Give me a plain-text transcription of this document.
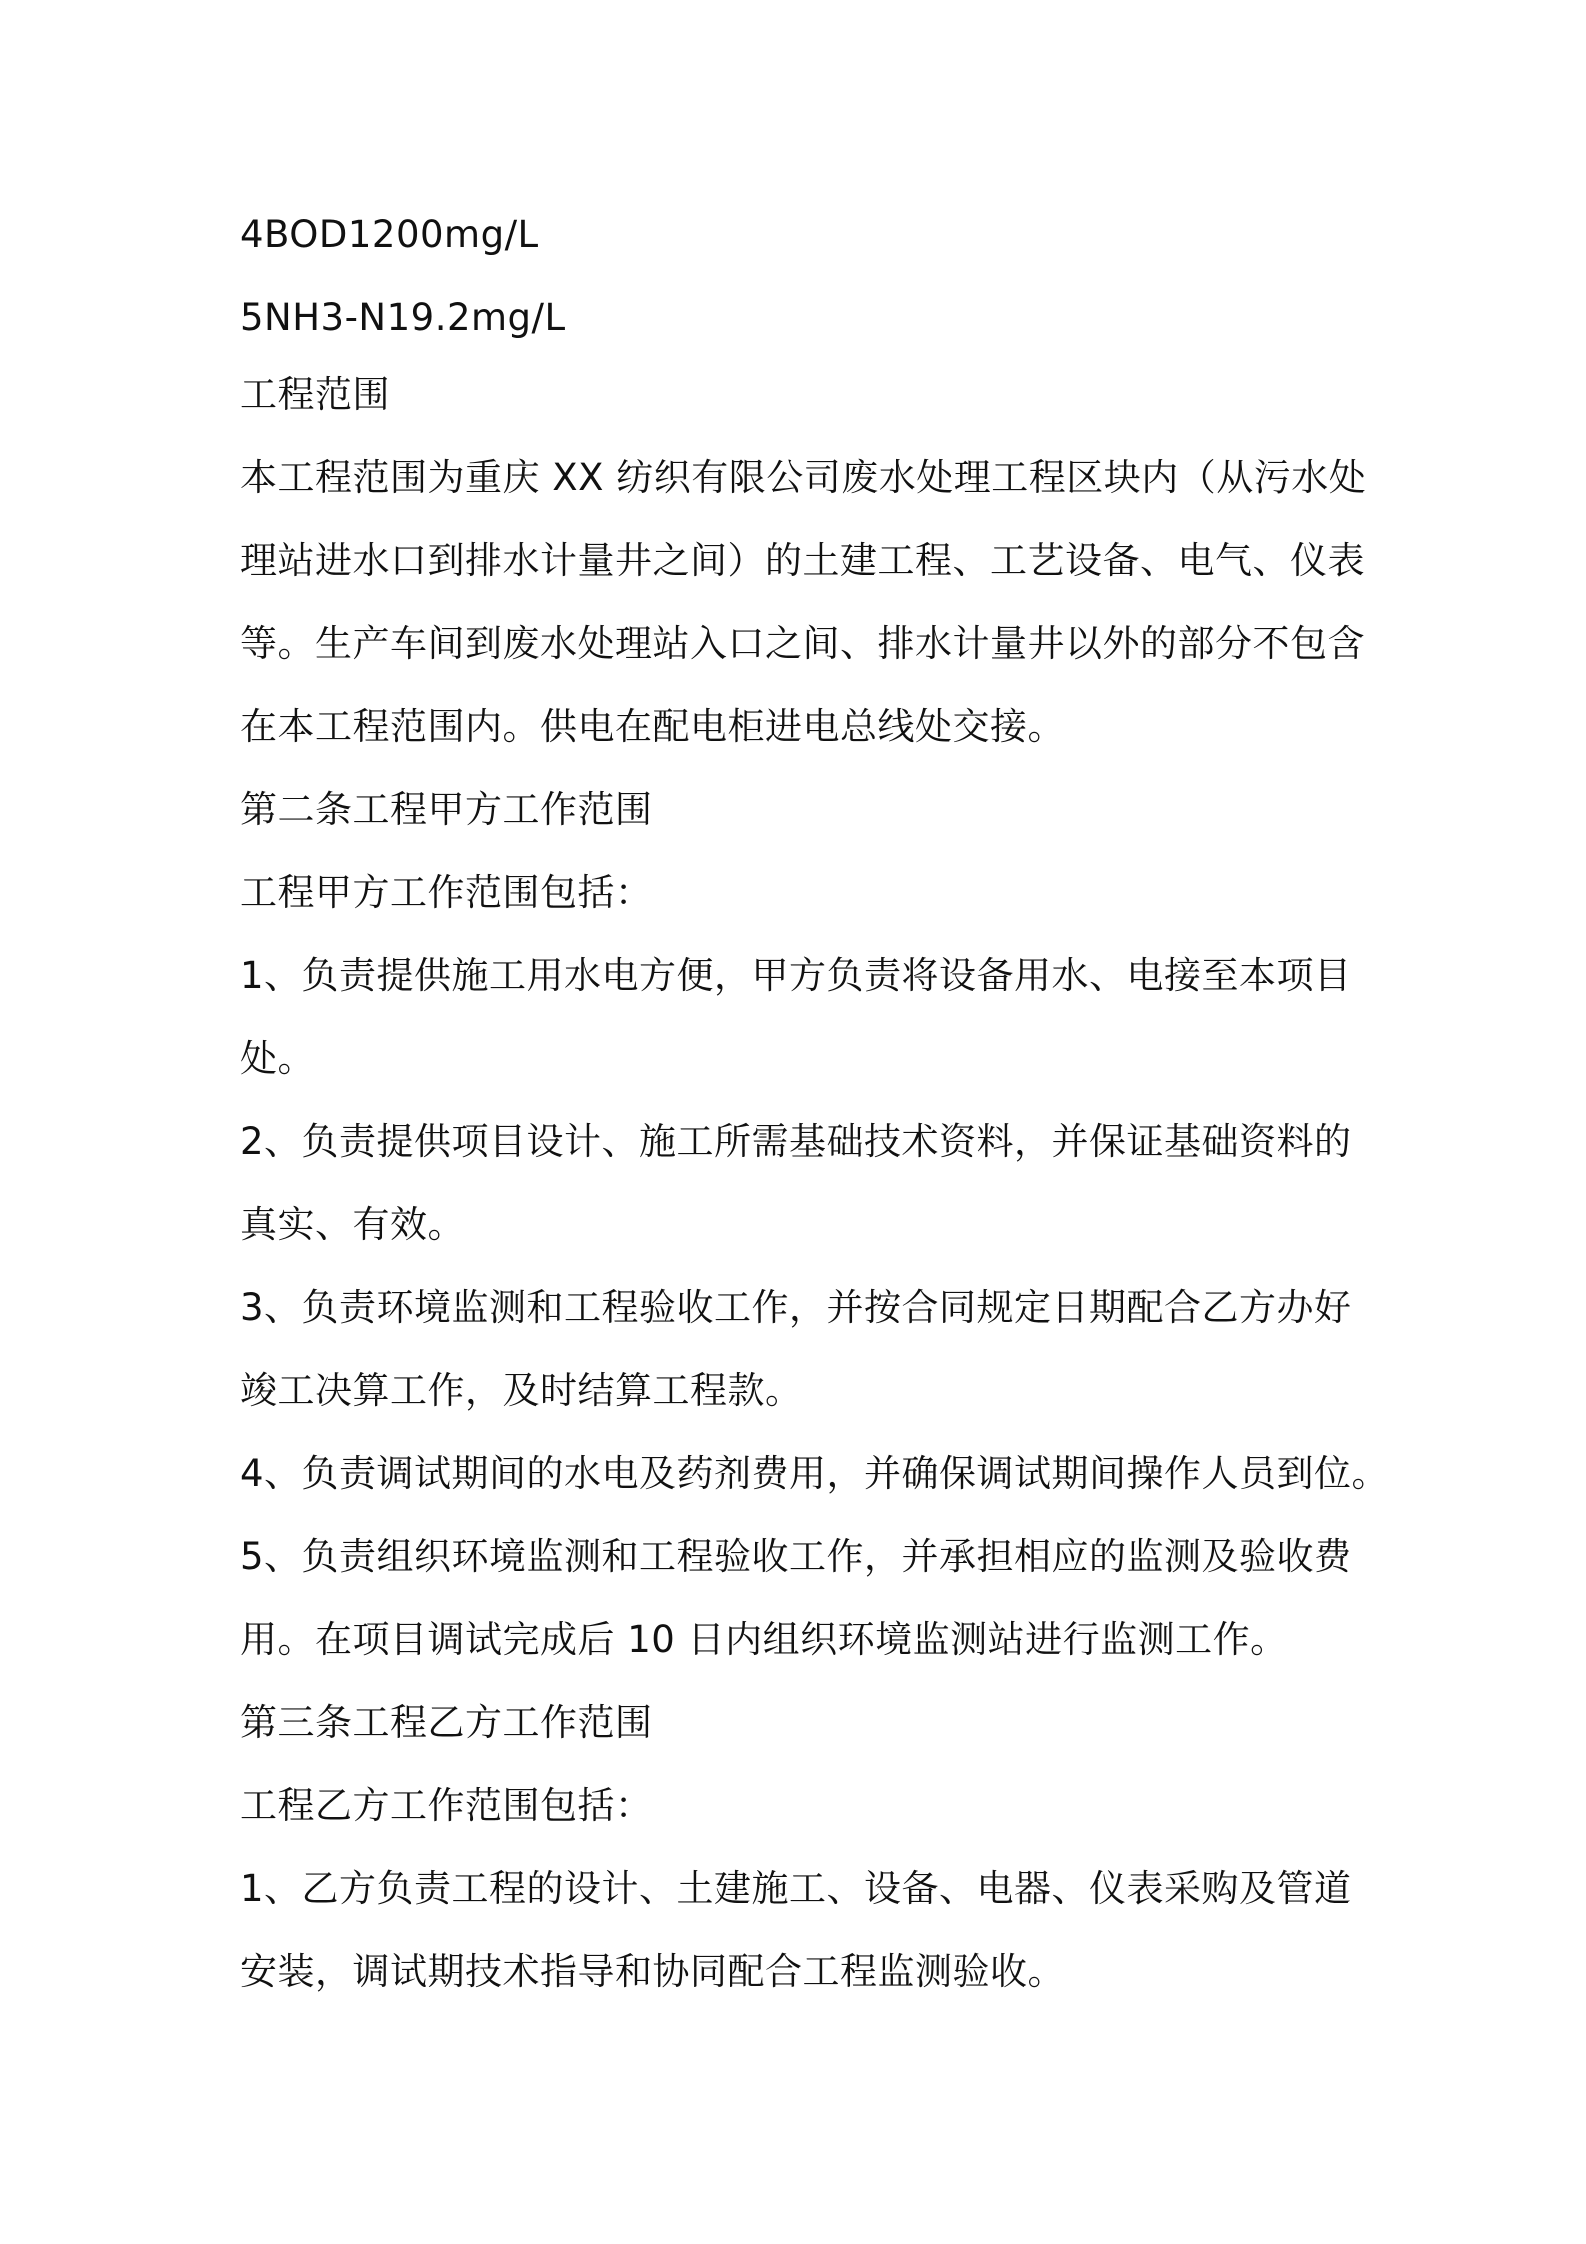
4BOD1200mg/L
5NH3-N19.2mg/L
工程范围
本工程范围为重庆 XX 纺织有限公司废水处理工程区块内（从污水处
理站进水口到排水计量井之间）的土建工程、工艺设备、电气、仪表
等。生产车间到废水处理站入口之间、排水计量井以外的部分不包含
在本工程范围内。供电在配电柜进电总线处交接。
第二条工程甲方工作范围
工程甲方工作范围包括：
1、负责提供施工用水电方便，甲方负责将设备用水、电接至本项目
处。
2、负责提供项目设计、施工所需基础技术资料，并保证基础资料的
真实、有效。
3、负责环境监测和工程验收工作，并按合同规定日期配合乙方办好
竣工决算工作，及时结算工程款。
4、负责调试期间的水电及药剂费用，并确保调试期间操作人员到位。
5、负责组织环境监测和工程验收工作，并承担相应的监测及验收费
用。在项目调试完成后 10 日内组织环境监测站进行监测工作。
第三条工程乙方工作范围
工程乙方工作范围包括：
1、乙方负责工程的设计、土建施工、设备、电器、仪表采购及管道
安装，调试期技术指导和协同配合工程监测验收。
